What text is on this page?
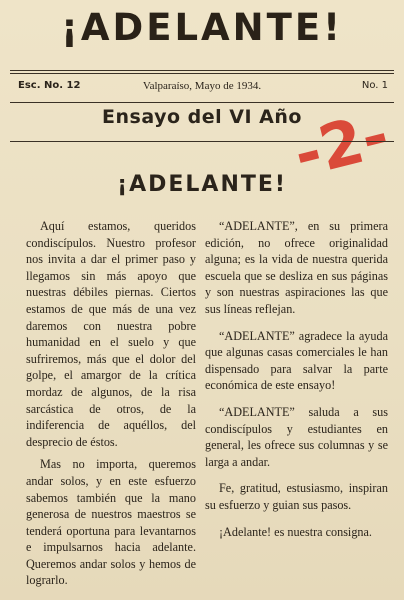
¡ADELANTE!
Esc. No. 12	Valparaíso, Mayo de 1934.	No. 1
Ensayo del VI Año
-2-
¡ADELANTE!

Aquí estamos, queridos condiscípulos. Nuestro profesor nos invita a dar el primer paso y llegamos sin más apoyo que nuestras débiles piernas. Ciertos estamos de que más de una vez daremos con nuestra pobre humanidad en el suelo y que sufriremos, más que el dolor del golpe, el amargor de la crítica mordaz de algunos, de la risa sarcástica de otros, de la indiferencia de aquéllos, del desprecio de éstos.

Mas no importa, queremos andar solos, y en este esfuerzo sabemos también que la mano generosa de nuestros maestros se tenderá oportuna para levantarnos e impulsarnos hacia adelante. Queremos andar solos y hemos de lograrlo.

“ADELANTE”, en su primera edición, no ofrece originalidad alguna; es la vida de nuestra querida escuela que se desliza en sus páginas y son nuestras aspiraciones las que sus líneas reflejan.

“ADELANTE” agradece la ayuda que algunas casas comerciales le han dispensado para salvar la parte económica de este ensayo!

“ADELANTE” saluda a sus condiscípulos y estudiantes en general, les ofrece sus columnas y se larga a andar.

Fe, gratitud, estusiasmo, inspiran su esfuerzo y guian sus pasos.

¡Adelante! es nuestra consigna.
